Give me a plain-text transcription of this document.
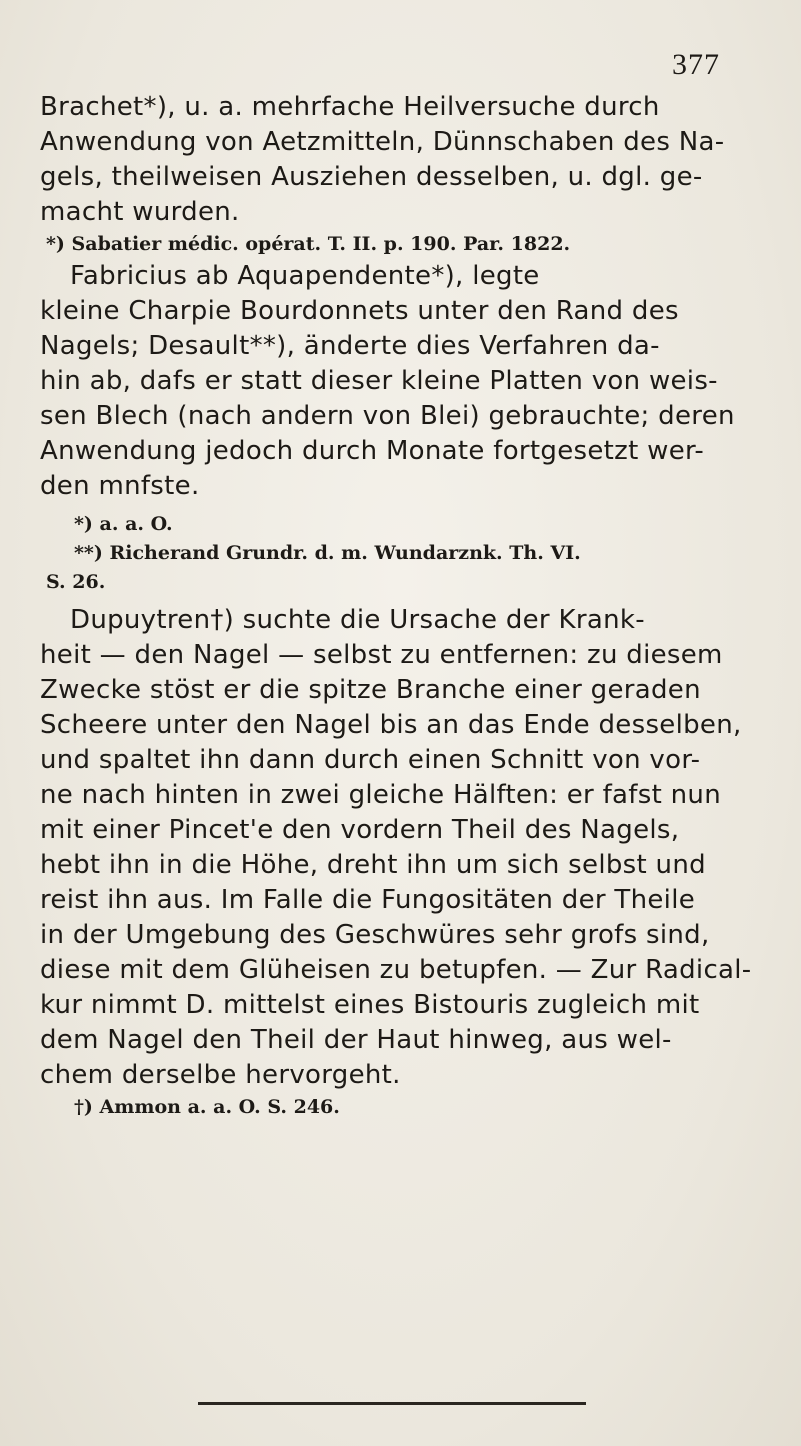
377
Brachet*), u. a. mehrfache Heilversuche durch
Anwendung von Aetzmitteln, Dünnschaben des Na-
gels, theilweisen Ausziehen desselben, u. dgl. ge-
macht wurden.
*) Sabatier médic. opérat. T. II. p. 190. Par. 1822.
Fabricius ab Aquapendente*), legte
kleine Charpie Bourdonnets unter den Rand des
Nagels; Desault**), änderte dies Verfahren da-
hin ab, dafs er statt dieser kleine Platten von weis-
sen Blech (nach andern von Blei) gebrauchte; deren
Anwendung jedoch durch Monate fortgesetzt wer-
den mnfste.
*) a. a. O.
**) Richerand Grundr. d. m. Wundarznk. Th. VI.
S. 26.
Dupuytren†) suchte die Ursache der Krank-
heit — den Nagel — selbst zu entfernen: zu diesem
Zwecke stöst er die spitze Branche einer geraden
Scheere unter den Nagel bis an das Ende desselben,
und spaltet ihn dann durch einen Schnitt von vor-
ne nach hinten in zwei gleiche Hälften: er fafst nun
mit einer Pincet'e den vordern Theil des Nagels,
hebt ihn in die Höhe, dreht ihn um sich selbst und
reist ihn aus. Im Falle die Fungositäten der Theile
in der Umgebung des Geschwüres sehr grofs sind,
diese mit dem Glüheisen zu betupfen. — Zur Radical-
kur nimmt D. mittelst eines Bistouris zugleich mit
dem Nagel den Theil der Haut hinweg, aus wel-
chem derselbe hervorgeht.
†) Ammon a. a. O. S. 246.
